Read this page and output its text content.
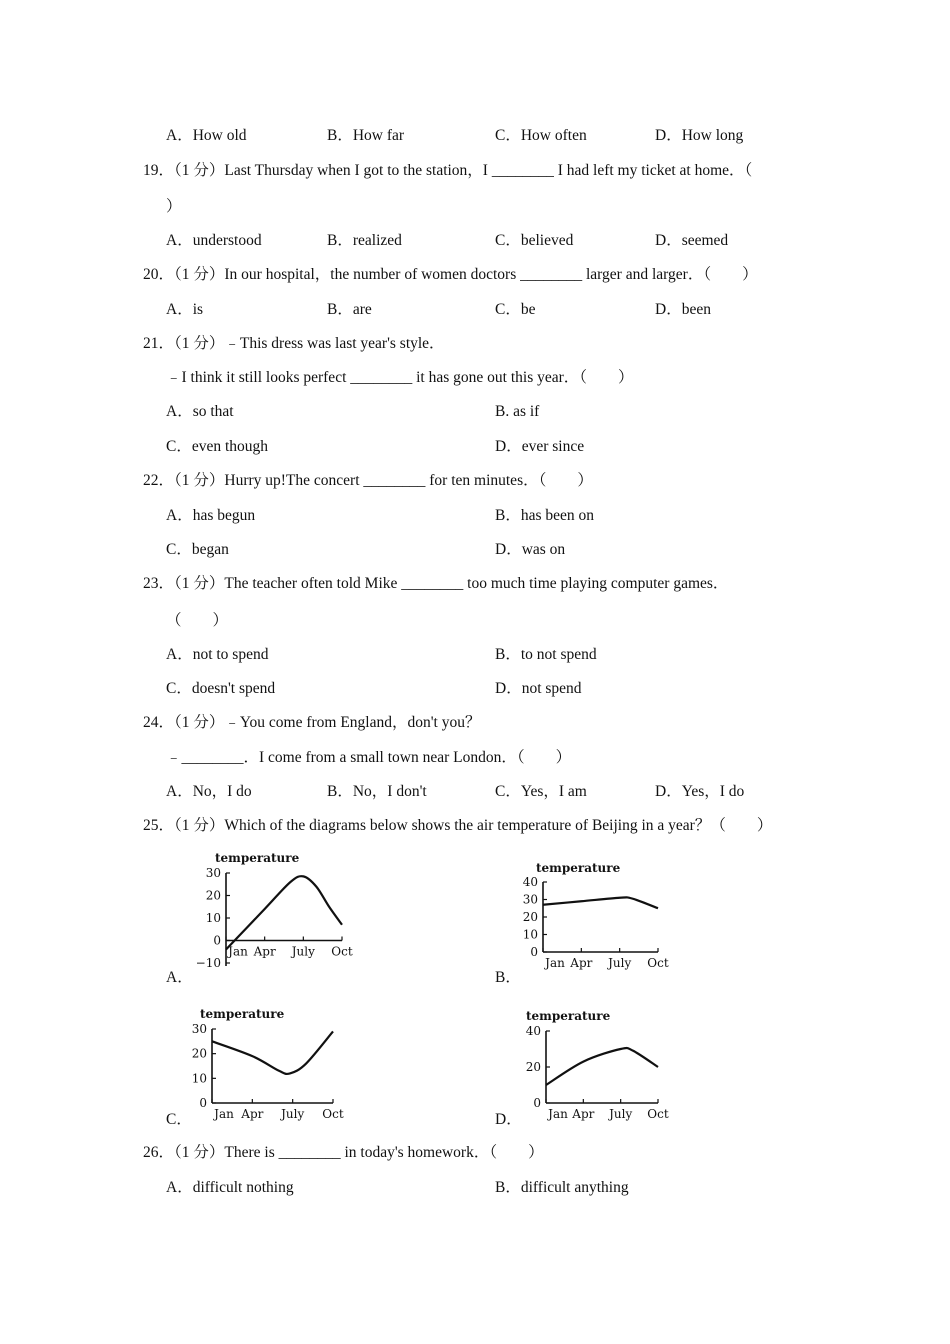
A．How old	B．How far	C．How often	D．How long
19．（1 分）Last Thursday when I got to the station，I ________ I had left my ticket at home．（
）
A．understood	B．realized	C．believed	D．seemed
20．（1 分）In our hospital，the number of women doctors ________ larger and larger．（　　）
A．is	B．are	C．be	D．been
21．（1 分）﹣This dress was last year's style．
﹣I think it still looks perfect ________ it has gone out this year．（　　）
A．so that	B. as if
C．even though	D．ever since
22．（1 分）Hurry up!The concert ________ for ten minutes．（　　）
A．has begun	B．has been on
C．began	D．was on
23．（1 分）The teacher often told Mike ________ too much time playing computer games．
（　　）
A．not to spend	B．to not spend
C．doesn't spend	D．not spend
24．（1 分）﹣You come from England，don't you？
﹣________．I come from a small town near London．（　　）
A．No，I do	B．No，I don't	C．Yes，I am	D．Yes，I do
25．（1 分）Which of the diagrams below shows the air temperature of Beijing in a year？（　　）
A．	B．
C．	D．
temperature
30
20
10
0
−10
Jan Apr July Oct
temperature
40
30
20
10
0
Jan Apr July Oct
temperature
30
20
10
0
Jan Apr July Oct
temperature
40
20
0
Jan Apr July Oct
26．（1 分）There is ________ in today's homework．（　　）
A．difficult nothing	B．difficult anything
